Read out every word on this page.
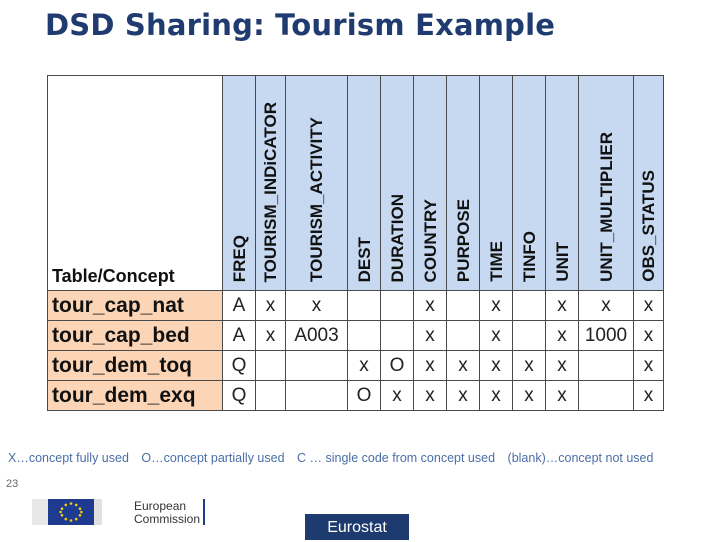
DSD Sharing: Tourism Example
Table/Concept	FREQ	TOURISM_INDiCATOR	TOURISM_ACTIVITY	DEST	DURATION	COUNTRY	PURPOSE	TIME	TINFO	UNIT	UNIT_MULTIPLIER	OBS_STATUS
tour_cap_nat	A	x	x			x		x		x	x	x
tour_cap_bed	A	x	A003			x		x		x	1000	x
tour_dem_toq	Q			x	O	x	x	x	x	x		x
tour_dem_exq	Q			O	x	x	x	x	x	x		x
X…concept fully used O…concept partially used C … single code from concept used (blank)…concept not used
23
European
Commission	Eurostat
